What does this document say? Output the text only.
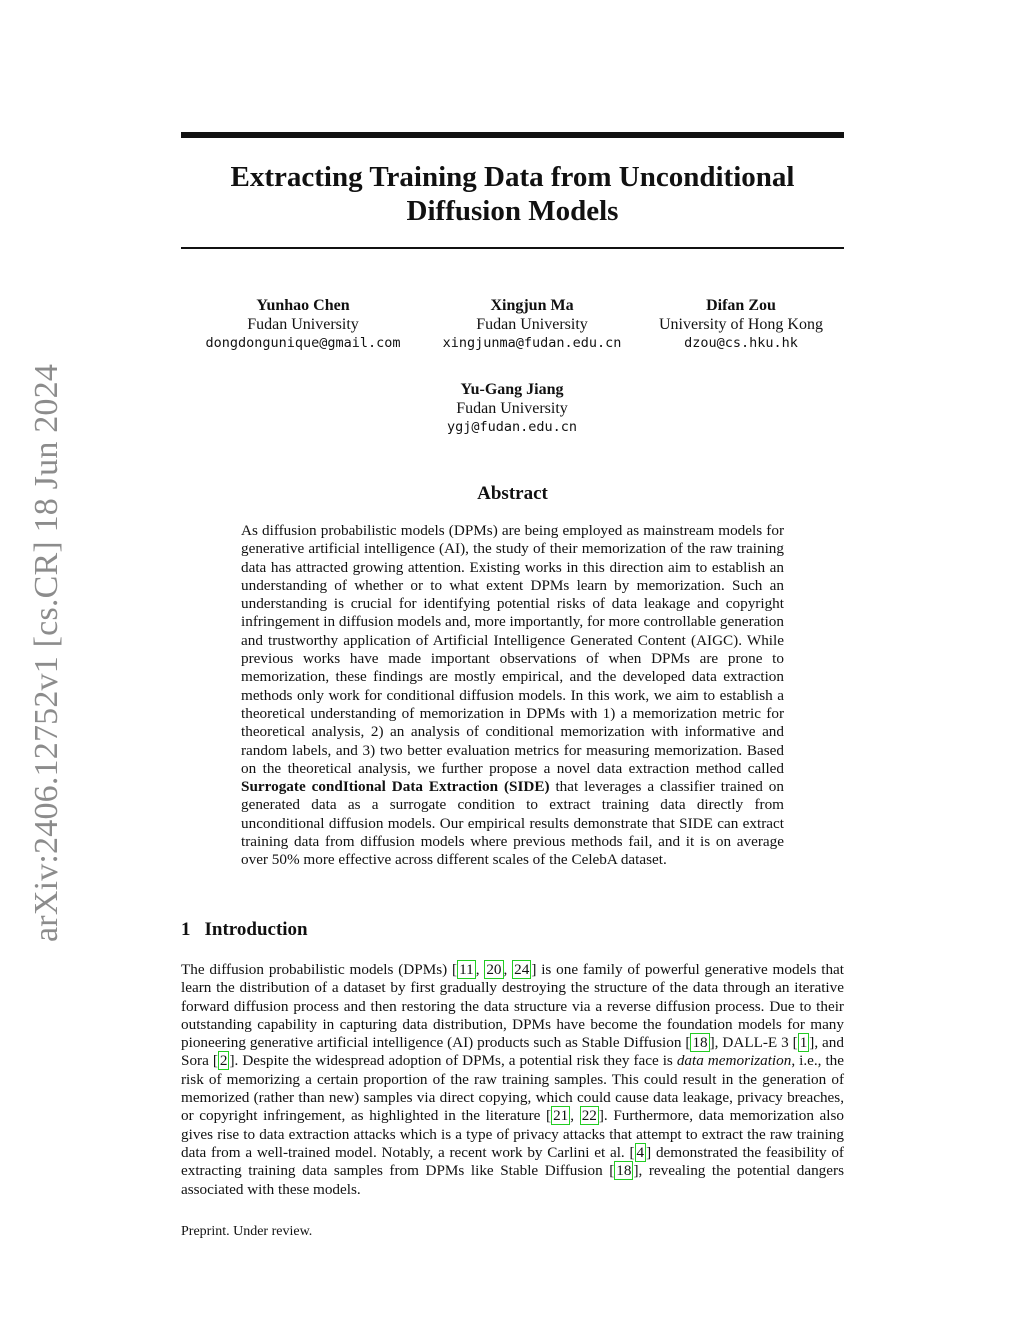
arXiv:2406.12752v1 [cs.CR] 18 Jun 2024
Extracting Training Data from Unconditional Diffusion Models
Yunhao Chen
Fudan University
dongdongunique@gmail.com
Xingjun Ma
Fudan University
xingjunma@fudan.edu.cn
Difan Zou
University of Hong Kong
dzou@cs.hku.hk
Yu-Gang Jiang
Fudan University
ygj@fudan.edu.cn
Abstract
As diffusion probabilistic models (DPMs) are being employed as mainstream models for generative artificial intelligence (AI), the study of their memorization of the raw training data has attracted growing attention. Existing works in this direction aim to establish an understanding of whether or to what extent DPMs learn by memorization. Such an understanding is crucial for identifying potential risks of data leakage and copyright infringement in diffusion models and, more importantly, for more controllable generation and trustworthy application of Artificial Intelligence Generated Content (AIGC). While previous works have made important observations of when DPMs are prone to memorization, these findings are mostly empirical, and the developed data extraction methods only work for conditional diffusion models. In this work, we aim to establish a theoretical understanding of memorization in DPMs with 1) a memorization metric for theoretical analysis, 2) an analysis of conditional memorization with informative and random labels, and 3) two better evaluation metrics for measuring memorization. Based on the theoretical analysis, we further propose a novel data extraction method called Surrogate condItional Data Extraction (SIDE) that leverages a classifier trained on generated data as a surrogate condition to extract training data directly from unconditional diffusion models. Our empirical results demonstrate that SIDE can extract training data from diffusion models where previous methods fail, and it is on average over 50% more effective across different scales of the CelebA dataset.
1 Introduction
The diffusion probabilistic models (DPMs) [ 11 , 20 , 24 ] is one family of powerful generative models that learn the distribution of a dataset by first gradually destroying the structure of the data through an iterative forward diffusion process and then restoring the data structure via a reverse diffusion process. Due to their outstanding capability in capturing data distribution, DPMs have become the foundation models for many pioneering generative artificial intelligence (AI) products such as Stable Diffusion [ 18 ], DALL-E 3 [ 1 ], and Sora [ 2 ]. Despite the widespread adoption of DPMs, a potential risk they face is data memorization, i.e., the risk of memorizing a certain proportion of the raw training samples. This could result in the generation of memorized (rather than new) samples via direct copying, which could cause data leakage, privacy breaches, or copyright infringement, as highlighted in the literature [ 21 , 22 ]. Furthermore, data memorization also gives rise to data extraction attacks which is a type of privacy attacks that attempt to extract the raw training data from a well-trained model. Notably, a recent work by Carlini et al. [ 4 ] demonstrated the feasibility of extracting training data samples from DPMs like Stable Diffusion [ 18 ], revealing the potential dangers associated with these models.
Preprint. Under review.
